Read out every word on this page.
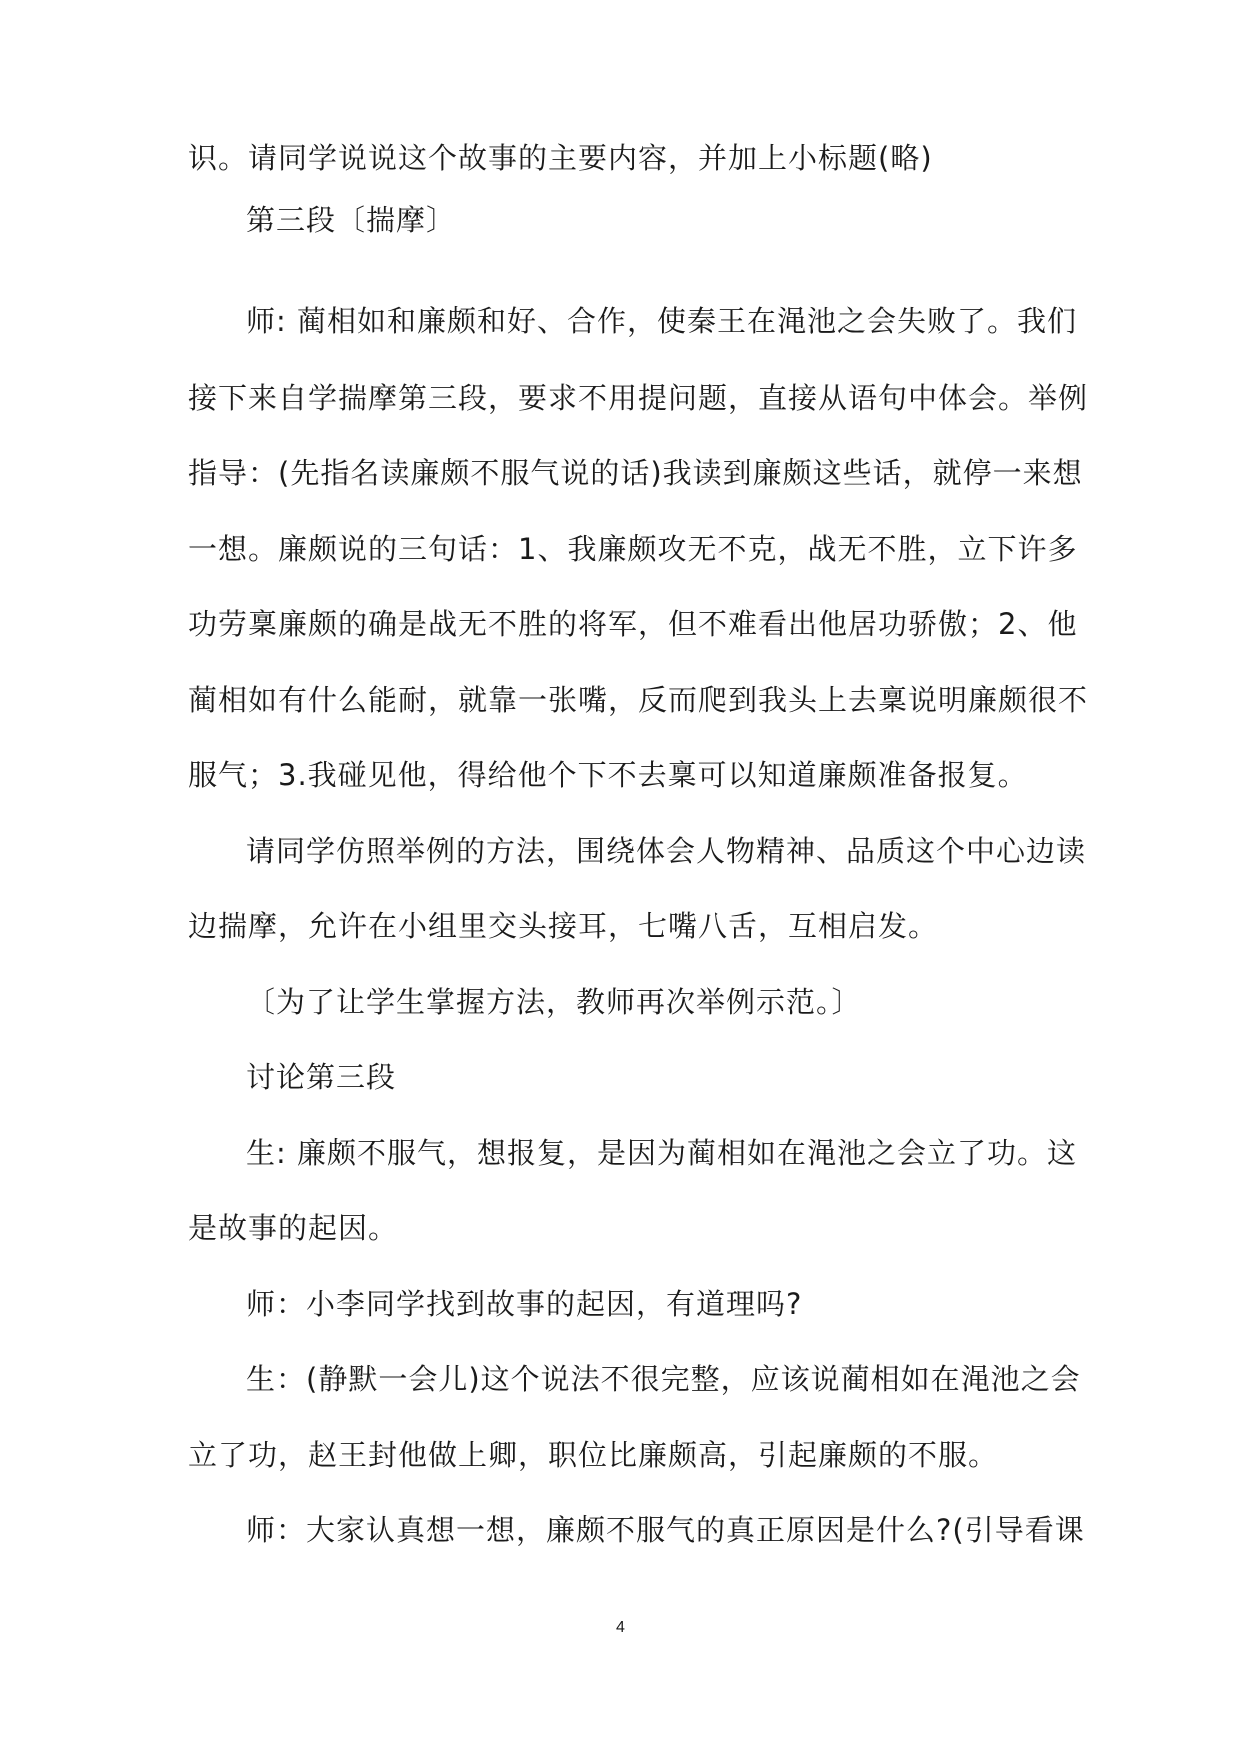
识。请同学说说这个故事的主要内容，并加上小标题(略)
第三段〔揣摩〕
师: 蔺相如和廉颇和好、合作，使秦王在渑池之会失败了。我们
接下来自学揣摩第三段，要求不用提问题，直接从语句中体会。举例
指导：(先指名读廉颇不服气说的话)我读到廉颇这些话，就停一来想
一想。廉颇说的三句话：1、我廉颇攻无不克，战无不胜，立下许多
功劳稟廉颇的确是战无不胜的将军，但不难看出他居功骄傲；2、他
蔺相如有什么能耐，就靠一张嘴，反而爬到我头上去稟说明廉颇很不
服气；3.我碰见他，得给他个下不去稟可以知道廉颇准备报复。
请同学仿照举例的方法，围绕体会人物精神、品质这个中心边读
边揣摩，允许在小组里交头接耳，七嘴八舌，互相启发。
〔为了让学生掌握方法，教师再次举例示范。〕
讨论第三段
生: 廉颇不服气，想报复，是因为蔺相如在渑池之会立了功。这
是故事的起因。
师：小李同学找到故事的起因，有道理吗?
生：(静默一会儿)这个说法不很完整，应该说蔺相如在渑池之会
立了功，赵王封他做上卿，职位比廉颇高，引起廉颇的不服。
师：大家认真想一想，廉颇不服气的真正原因是什么?(引导看课
4
